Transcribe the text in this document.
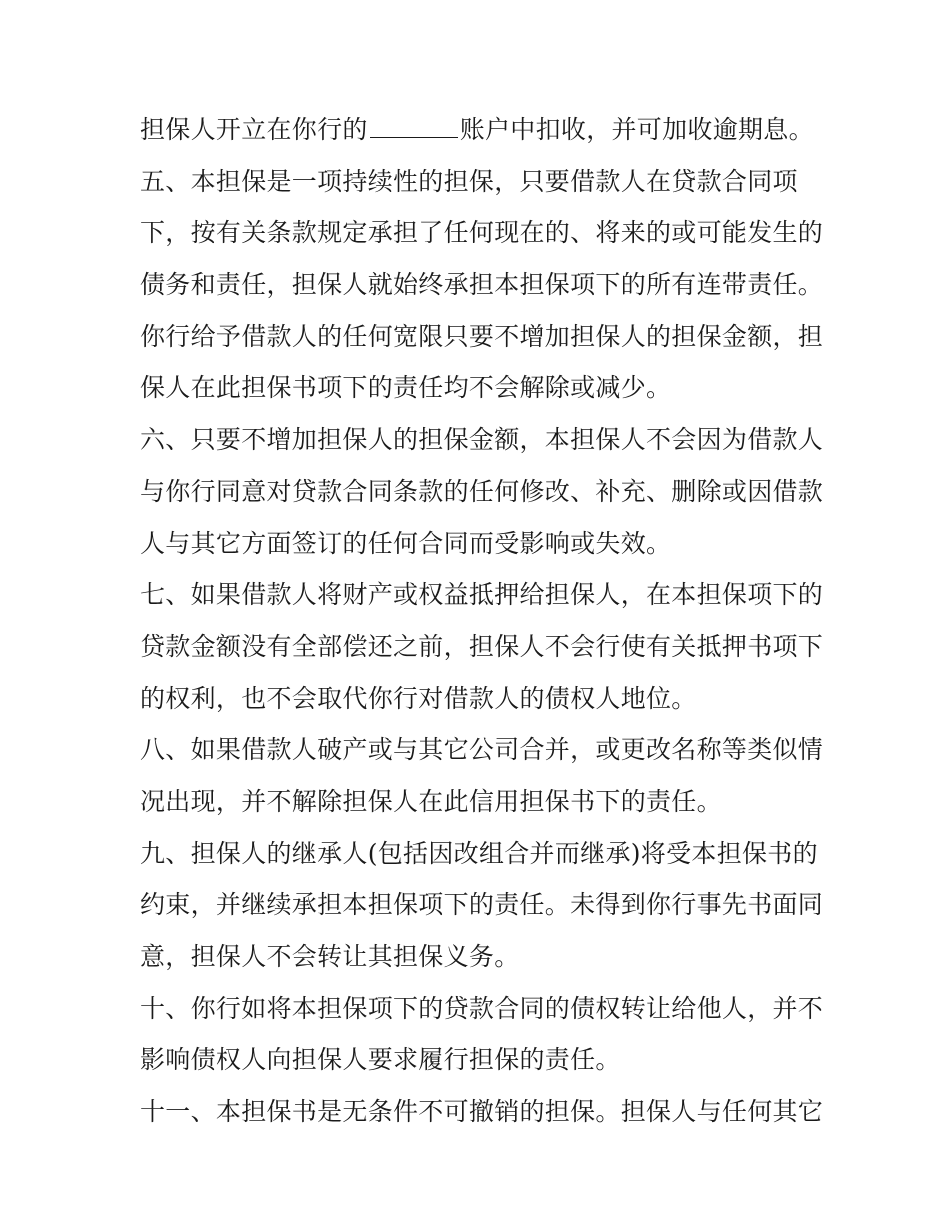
担保人开立在你行的	账户中扣收，并可加收逾期息。
五、本担保是一项持续性的担保，只要借款人在贷款合同项
下，按有关条款规定承担了任何现在的、将来的或可能发生的
债务和责任，担保人就始终承担本担保项下的所有连带责任。
你行给予借款人的任何宽限只要不增加担保人的担保金额，担
保人在此担保书项下的责任均不会解除或减少。
六、只要不增加担保人的担保金额，本担保人不会因为借款人
与你行同意对贷款合同条款的任何修改、补充、删除或因借款
人与其它方面签订的任何合同而受影响或失效。
七、如果借款人将财产或权益抵押给担保人，在本担保项下的
贷款金额没有全部偿还之前，担保人不会行使有关抵押书项下
的权利，也不会取代你行对借款人的债权人地位。
八、如果借款人破产或与其它公司合并，或更改名称等类似情
况出现，并不解除担保人在此信用担保书下的责任。
九、担保人的继承人(包括因改组合并而继承)将受本担保书的
约束，并继续承担本担保项下的责任。未得到你行事先书面同
意，担保人不会转让其担保义务。
十、你行如将本担保项下的贷款合同的债权转让给他人，并不
影响债权人向担保人要求履行担保的责任。
十一、本担保书是无条件不可撤销的担保。担保人与任何其它
